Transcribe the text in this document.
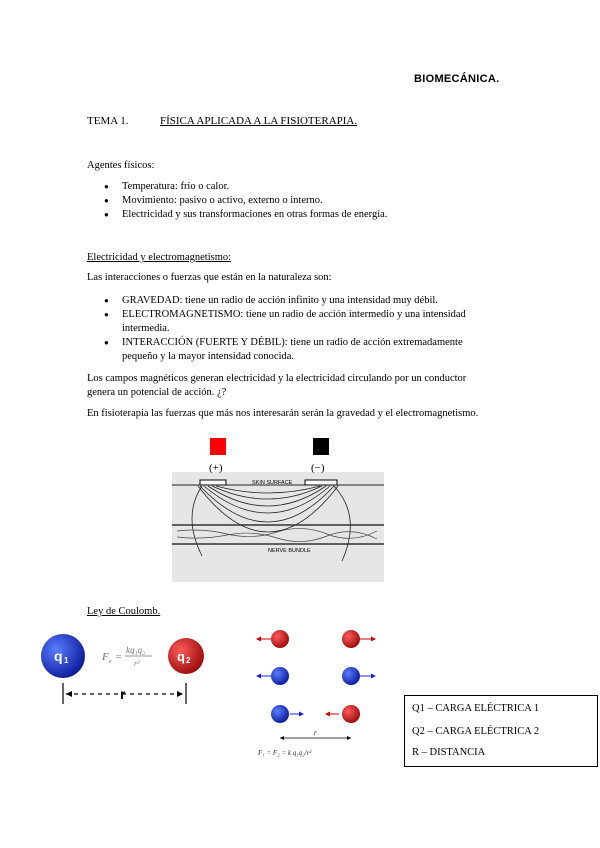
BIOMECÁNICA.
TEMA 1.	FÍSICA APLICADA A LA FISIOTERAPIA.
Agentes físicos:
● Temperatura: frío o calor.
● Movimiento: pasivo o activo, externo o interno.
● Electricidad y sus transformaciones en otras formas de energía.
Electricidad y electromagnetismo:
Las interacciones o fuerzas que están en la naturaleza son:
● GRAVEDAD: tiene un radio de acción infinito y una intensidad muy débil.
● ELECTROMAGNETISMO: tiene un radio de acción intermedio y una intensidad
intermedia.
● INTERACCIÓN (FUERTE Y DÉBIL): tiene un radio de acción extremadamente
pequeño y la mayor intensidad conocida.
Los campos magnéticos generan electricidad y la electricidad circulando por un conductor
genera un potencial de acción. ¿?
En fisioterapia las fuerzas que más nos interesarán serán la gravedad y el electromagnetismo.
(+)	(−)
SKIN SURFACE
NERVE BUNDLE
Ley de Coulomb.
q 1	q 2
F e =
kq₁q₂
r²
r
r
F₁ = F₂ = k q₁q₂/r²
Q1 – CARGA ELÉCTRICA 1
Q2 – CARGA ELÉCTRICA 2
R – DISTANCIA
